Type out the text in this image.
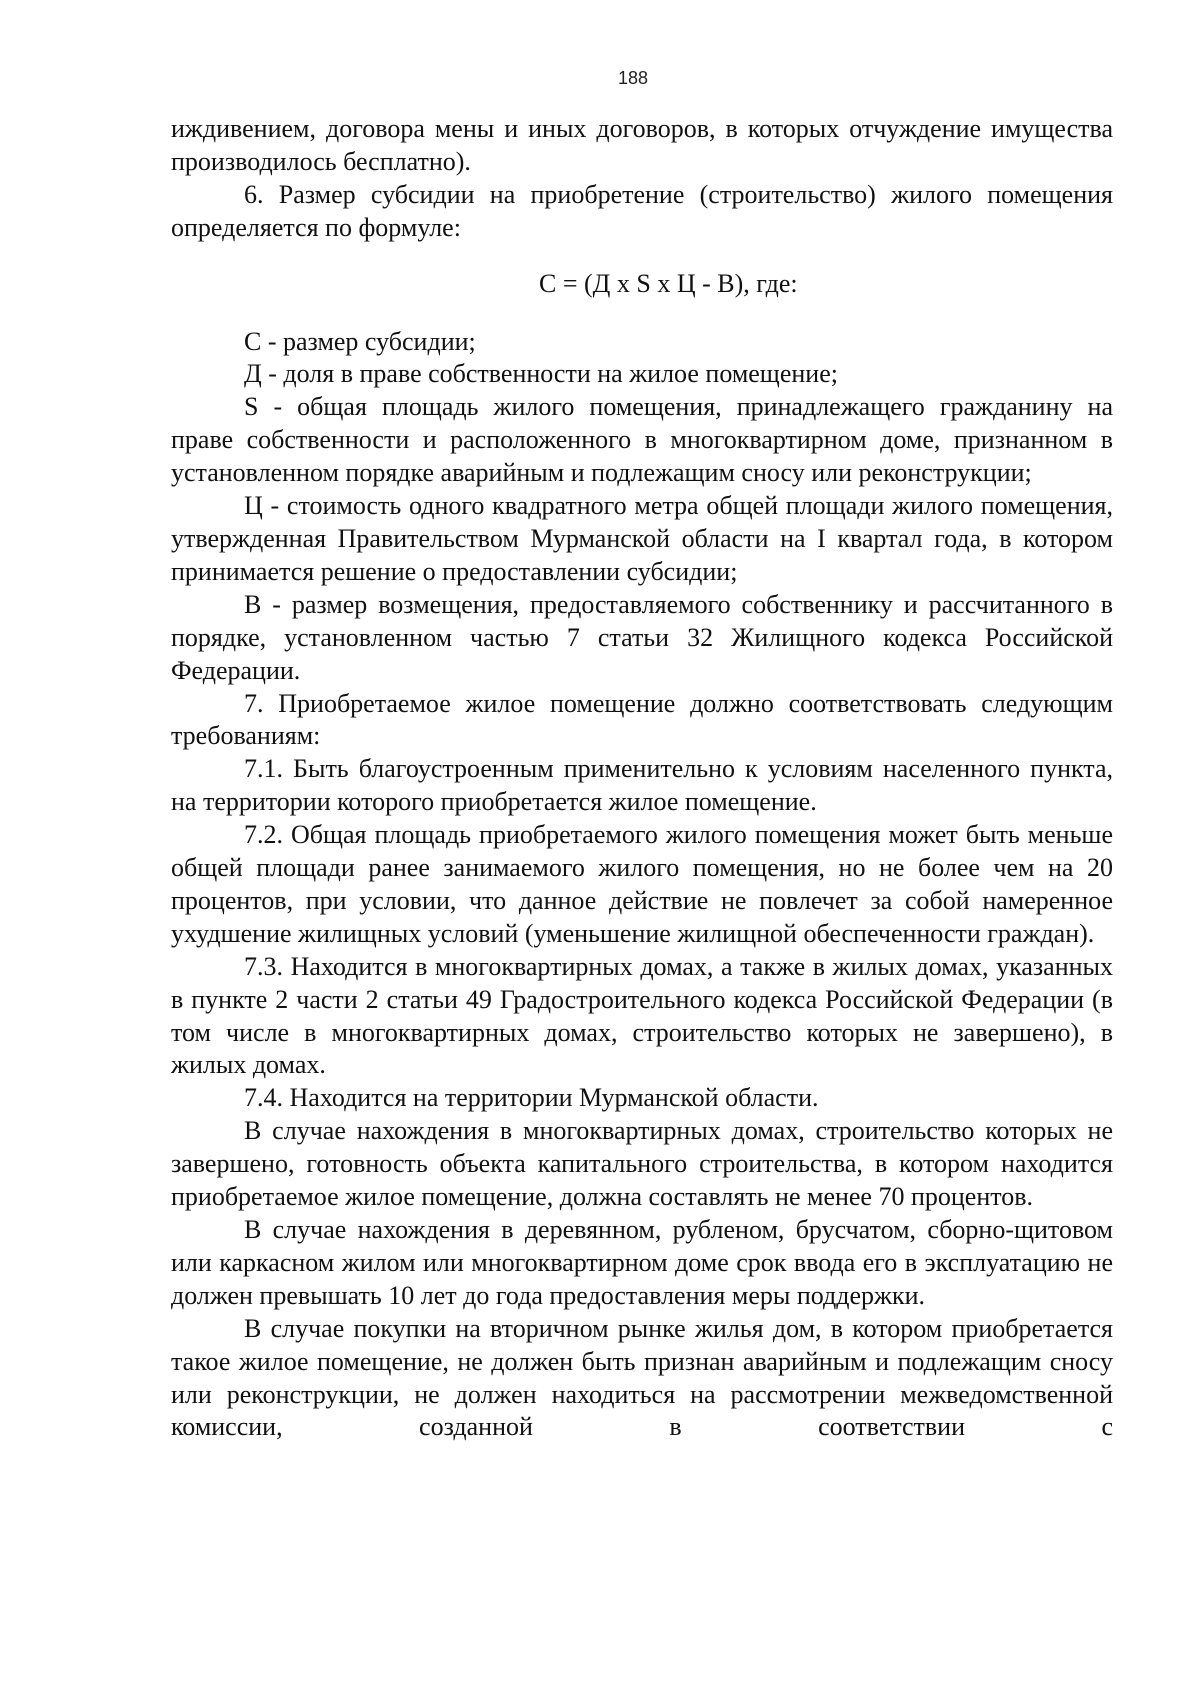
188

иждивением, договора мены и иных договоров, в которых отчуждение имущества производилось бесплатно).

6. Размер субсидии на приобретение (строительство) жилого помещения определяется по формуле:

С = (Д х S х Ц - В), где:

С - размер субсидии;

Д - доля в праве собственности на жилое помещение;

S - общая площадь жилого помещения, принадлежащего гражданину на праве собственности и расположенного в многоквартирном доме, признанном в установленном порядке аварийным и подлежащим сносу или реконструкции;

Ц - стоимость одного квадратного метра общей площади жилого помещения, утвержденная Правительством Мурманской области на I квартал года, в котором принимается решение о предоставлении субсидии;

В - размер возмещения, предоставляемого собственнику и рассчитанного в порядке, установленном частью 7 статьи 32 Жилищного кодекса Российской Федерации.

7. Приобретаемое жилое помещение должно соответствовать следующим требованиям:

7.1. Быть благоустроенным применительно к условиям населенного пункта, на территории которого приобретается жилое помещение.

7.2. Общая площадь приобретаемого жилого помещения может быть меньше общей площади ранее занимаемого жилого помещения, но не более чем на 20 процентов, при условии, что данное действие не повлечет за собой намеренное ухудшение жилищных условий (уменьшение жилищной обеспеченности граждан).

7.3. Находится в многоквартирных домах, а также в жилых домах, указанных в пункте 2 части 2 статьи 49 Градостроительного кодекса Российской Федерации (в том числе в многоквартирных домах, строительство которых не завершено), в жилых домах.

7.4. Находится на территории Мурманской области.

В случае нахождения в многоквартирных домах, строительство которых не завершено, готовность объекта капитального строительства, в котором находится приобретаемое жилое помещение, должна составлять не менее 70 процентов.

В случае нахождения в деревянном, рубленом, брусчатом, сборно-щитовом или каркасном жилом или многоквартирном доме срок ввода его в эксплуатацию не должен превышать 10 лет до года предоставления меры поддержки.

В случае покупки на вторичном рынке жилья дом, в котором приобретается такое жилое помещение, не должен быть признан аварийным и подлежащим сносу или реконструкции, не должен находиться на рассмотрении межведомственной комиссии, созданной в соответствии с
